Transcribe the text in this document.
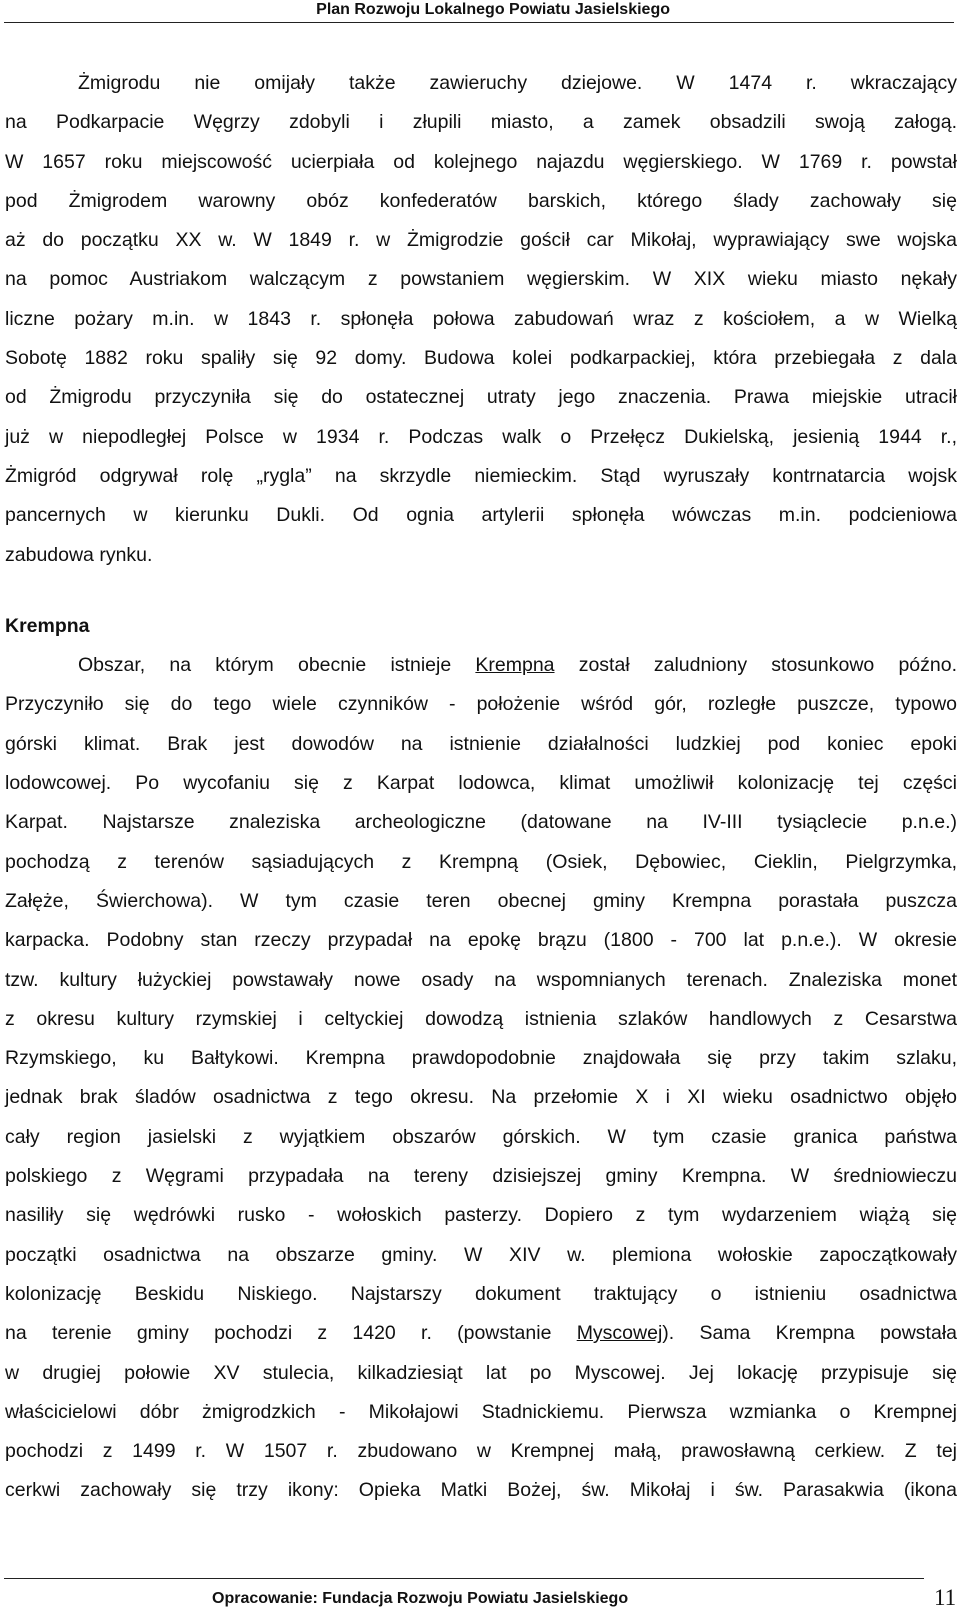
Plan Rozwoju Lokalnego Powiatu Jasielskiego
Żmigrodu nie omijały także zawieruchy dziejowe. W 1474 r. wkraczający
na Podkarpacie Węgrzy zdobyli i złupili miasto, a zamek obsadzili swoją załogą.
W 1657 roku miejscowość ucierpiała od kolejnego najazdu węgierskiego. W 1769 r. powstał
pod Żmigrodem warowny obóz konfederatów barskich, którego ślady zachowały się
aż do początku XX w. W 1849 r. w Żmigrodzie gościł car Mikołaj, wyprawiający swe wojska
na pomoc Austriakom walczącym z powstaniem węgierskim. W XIX wieku miasto nękały
liczne pożary m.in. w 1843 r. spłonęła połowa zabudowań wraz z kościołem, a w Wielką
Sobotę 1882 roku spaliły się 92 domy. Budowa kolei podkarpackiej, która przebiegała z dala
od Żmigrodu przyczyniła się do ostatecznej utraty jego znaczenia. Prawa miejskie utracił
już w niepodległej Polsce w 1934 r. Podczas walk o Przełęcz Dukielską, jesienią 1944 r.,
Żmigród odgrywał rolę „rygla” na skrzydle niemieckim. Stąd wyruszały kontrnatarcia wojsk
pancernych w kierunku Dukli. Od ognia artylerii spłonęła wówczas m.in. podcieniowa
zabudowa rynku.
Krempna
Obszar, na którym obecnie istnieje Krempna został zaludniony stosunkowo późno.
Przyczyniło się do tego wiele czynników - położenie wśród gór, rozległe puszcze, typowo
górski klimat. Brak jest dowodów na istnienie działalności ludzkiej pod koniec epoki
lodowcowej. Po wycofaniu się z Karpat lodowca, klimat umożliwił kolonizację tej części
Karpat. Najstarsze znaleziska archeologiczne (datowane na IV-III tysiąclecie p.n.e.)
pochodzą z terenów sąsiadujących z Krempną (Osiek, Dębowiec, Cieklin, Pielgrzymka,
Załęże, Świerchowa). W tym czasie teren obecnej gminy Krempna porastała puszcza
karpacka. Podobny stan rzeczy przypadał na epokę brązu (1800 - 700 lat p.n.e.). W okresie
tzw. kultury łużyckiej powstawały nowe osady na wspomnianych terenach. Znaleziska monet
z okresu kultury rzymskiej i celtyckiej dowodzą istnienia szlaków handlowych z Cesarstwa
Rzymskiego, ku Bałtykowi. Krempna prawdopodobnie znajdowała się przy takim szlaku,
jednak brak śladów osadnictwa z tego okresu. Na przełomie X i XI wieku osadnictwo objęło
cały region jasielski z wyjątkiem obszarów górskich. W tym czasie granica państwa
polskiego z Węgrami przypadała na tereny dzisiejszej gminy Krempna. W średniowieczu
nasiliły się wędrówki rusko - wołoskich pasterzy. Dopiero z tym wydarzeniem wiążą się
początki osadnictwa na obszarze gminy. W XIV w. plemiona wołoskie zapoczątkowały
kolonizację Beskidu Niskiego. Najstarszy dokument traktujący o istnieniu osadnictwa
na terenie gminy pochodzi z 1420 r. (powstanie Myscowej). Sama Krempna powstała
w drugiej połowie XV stulecia, kilkadziesiąt lat po Myscowej. Jej lokację przypisuje się
właścicielowi dóbr żmigrodzkich - Mikołajowi Stadnickiemu. Pierwsza wzmianka o Krempnej
pochodzi z 1499 r. W 1507 r. zbudowano w Krempnej małą, prawosławną cerkiew. Z tej
cerkwi zachowały się trzy ikony: Opieka Matki Bożej, św. Mikołaj i św. Parasakwia (ikona
Opracowanie: Fundacja Rozwoju Powiatu Jasielskiego	11
